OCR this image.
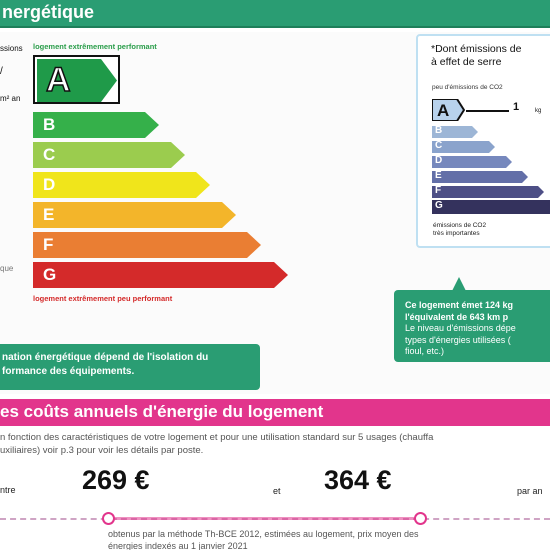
nergétique
ssions
/
m² an
que
logement extrêmement performant
A
B
C
D
E
F
G
logement extrêmement peu performant
*Dont émissions de
à effet de serre
peu d'émissions de CO2
A	1	kg
B
C
D
E
F
G
émissions de CO2
très importantes
Ce logement émet 124 kg
l'équivalent de 643 km p
Le niveau d'émissions dépe
types d'énergies utilisées (
fioul, etc.)
nation énergétique dépend de l'isolation du
formance des équipements.
es coûts annuels d'énergie du logement
n fonction des caractéristiques de votre logement et pour une utilisation standard sur 5 usages (chauffa
uxiliaires) voir p.3 pour voir les détails par poste.
ntre 269 €	et 364 €	par an
obtenus par la méthode Th-BCE 2012, estimées au logement, prix moyen des
énergies indexés au 1 janvier 2021
